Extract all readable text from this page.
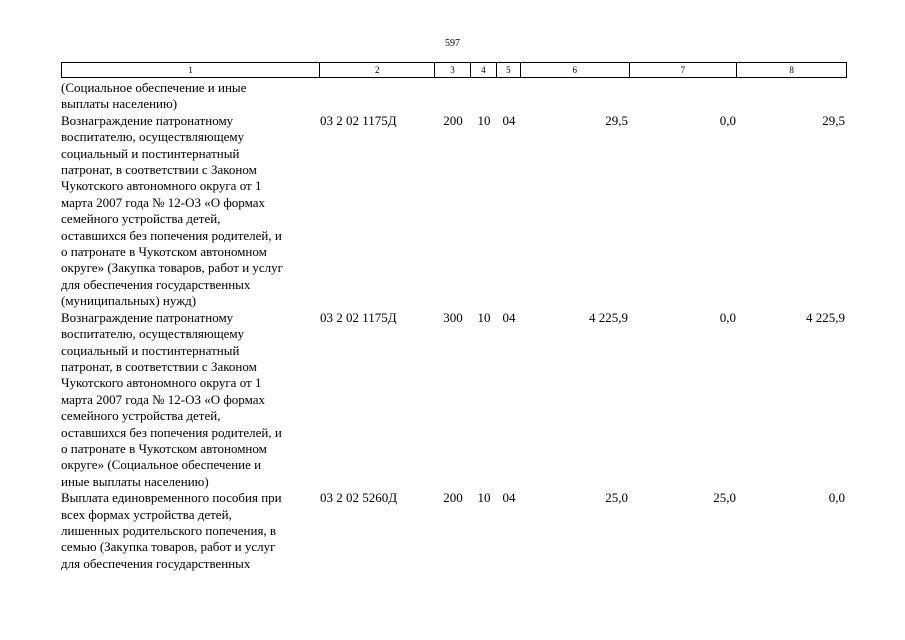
597
1	2	3	4	5	6	7	8
(Социальное обеспечение и иные
выплаты населению)
Вознаграждение патронатному
воспитателю, осуществляющему
социальный и постинтернатный
патронат, в соответствии с Законом
Чукотского автономного округа от 1
марта 2007 года № 12-ОЗ «О формах
семейного устройства детей,
оставшихся без попечения родителей, и
о патронате в Чукотском автономном
округе» (Закупка товаров, работ и услуг
для обеспечения государственных
(муниципальных) нужд)
03 2 02 1175Д	200	10 04	29,5	0,0	29,5
Вознаграждение патронатному
воспитателю, осуществляющему
социальный и постинтернатный
патронат, в соответствии с Законом
Чукотского автономного округа от 1
марта 2007 года № 12-ОЗ «О формах
семейного устройства детей,
оставшихся без попечения родителей, и
о патронате в Чукотском автономном
округе» (Социальное обеспечение и
иные выплаты населению)
03 2 02 1175Д	300	10 04	4 225,9	0,0	4 225,9
Выплата единовременного пособия при
всех формах устройства детей,
лишенных родительского попечения, в
семью (Закупка товаров, работ и услуг
для обеспечения государственных
03 2 02 5260Д	200	10 04	25,0	25,0	0,0
